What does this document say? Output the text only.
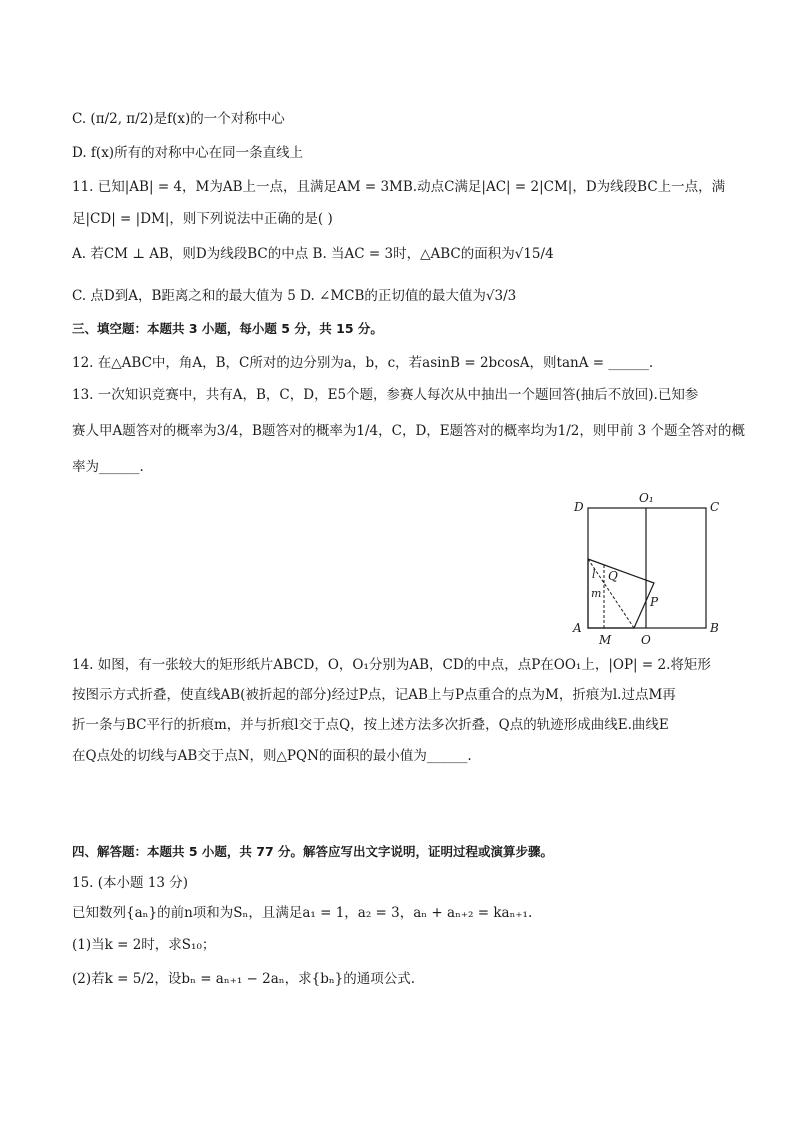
C. (π/2, π/2)是f(x)的一个对称中心
D. f(x)所有的对称中心在同一条直线上
11. 已知|AB| = 4，M为AB上一点，且满足AM = 3MB.动点C满足|AC| = 2|CM|，D为线段BC上一点，满
足|CD| = |DM|，则下列说法中正确的是( )
A. 若CM ⊥ AB，则D为线段BC的中点 B. 当AC = 3时，△ABC的面积为√15/4
C. 点D到A，B距离之和的最大值为 5 D. ∠MCB的正切值的最大值为√3/3
三、填空题：本题共 3 小题，每小题 5 分，共 15 分。
12. 在△ABC中，角A，B，C所对的边分别为a，b，c，若asinB = 2bcosA，则tanA = ______.
13. 一次知识竞赛中，共有A，B，C，D，E5个题，参赛人每次从中抽出一个题回答(抽后不放回).已知参
赛人甲A题答对的概率为3/4，B题答对的概率为1/4，C，D，E题答对的概率均为1/2，则甲前 3 个题全答对的概
率为______.
D	C
O₁
A
M O
B
P
Q
l
m
14. 如图，有一张较大的矩形纸片ABCD，O，O₁分别为AB，CD的中点，点P在OO₁上，|OP| = 2.将矩形
按图示方式折叠，使直线AB(被折起的部分)经过P点，记AB上与P点重合的点为M，折痕为l.过点M再
折一条与BC平行的折痕m，并与折痕l交于点Q，按上述方法多次折叠，Q点的轨迹形成曲线E.曲线E
在Q点处的切线与AB交于点N，则△PQN的面积的最小值为______.
四、解答题：本题共 5 小题，共 77 分。解答应写出文字说明，证明过程或演算步骤。
15. (本小题 13 分)
已知数列{aₙ}的前n项和为Sₙ，且满足a₁ = 1，a₂ = 3，aₙ + aₙ₊₂ = kaₙ₊₁.
(1)当k = 2时，求S₁₀；
(2)若k = 5/2，设bₙ = aₙ₊₁ − 2aₙ，求{bₙ}的通项公式.
